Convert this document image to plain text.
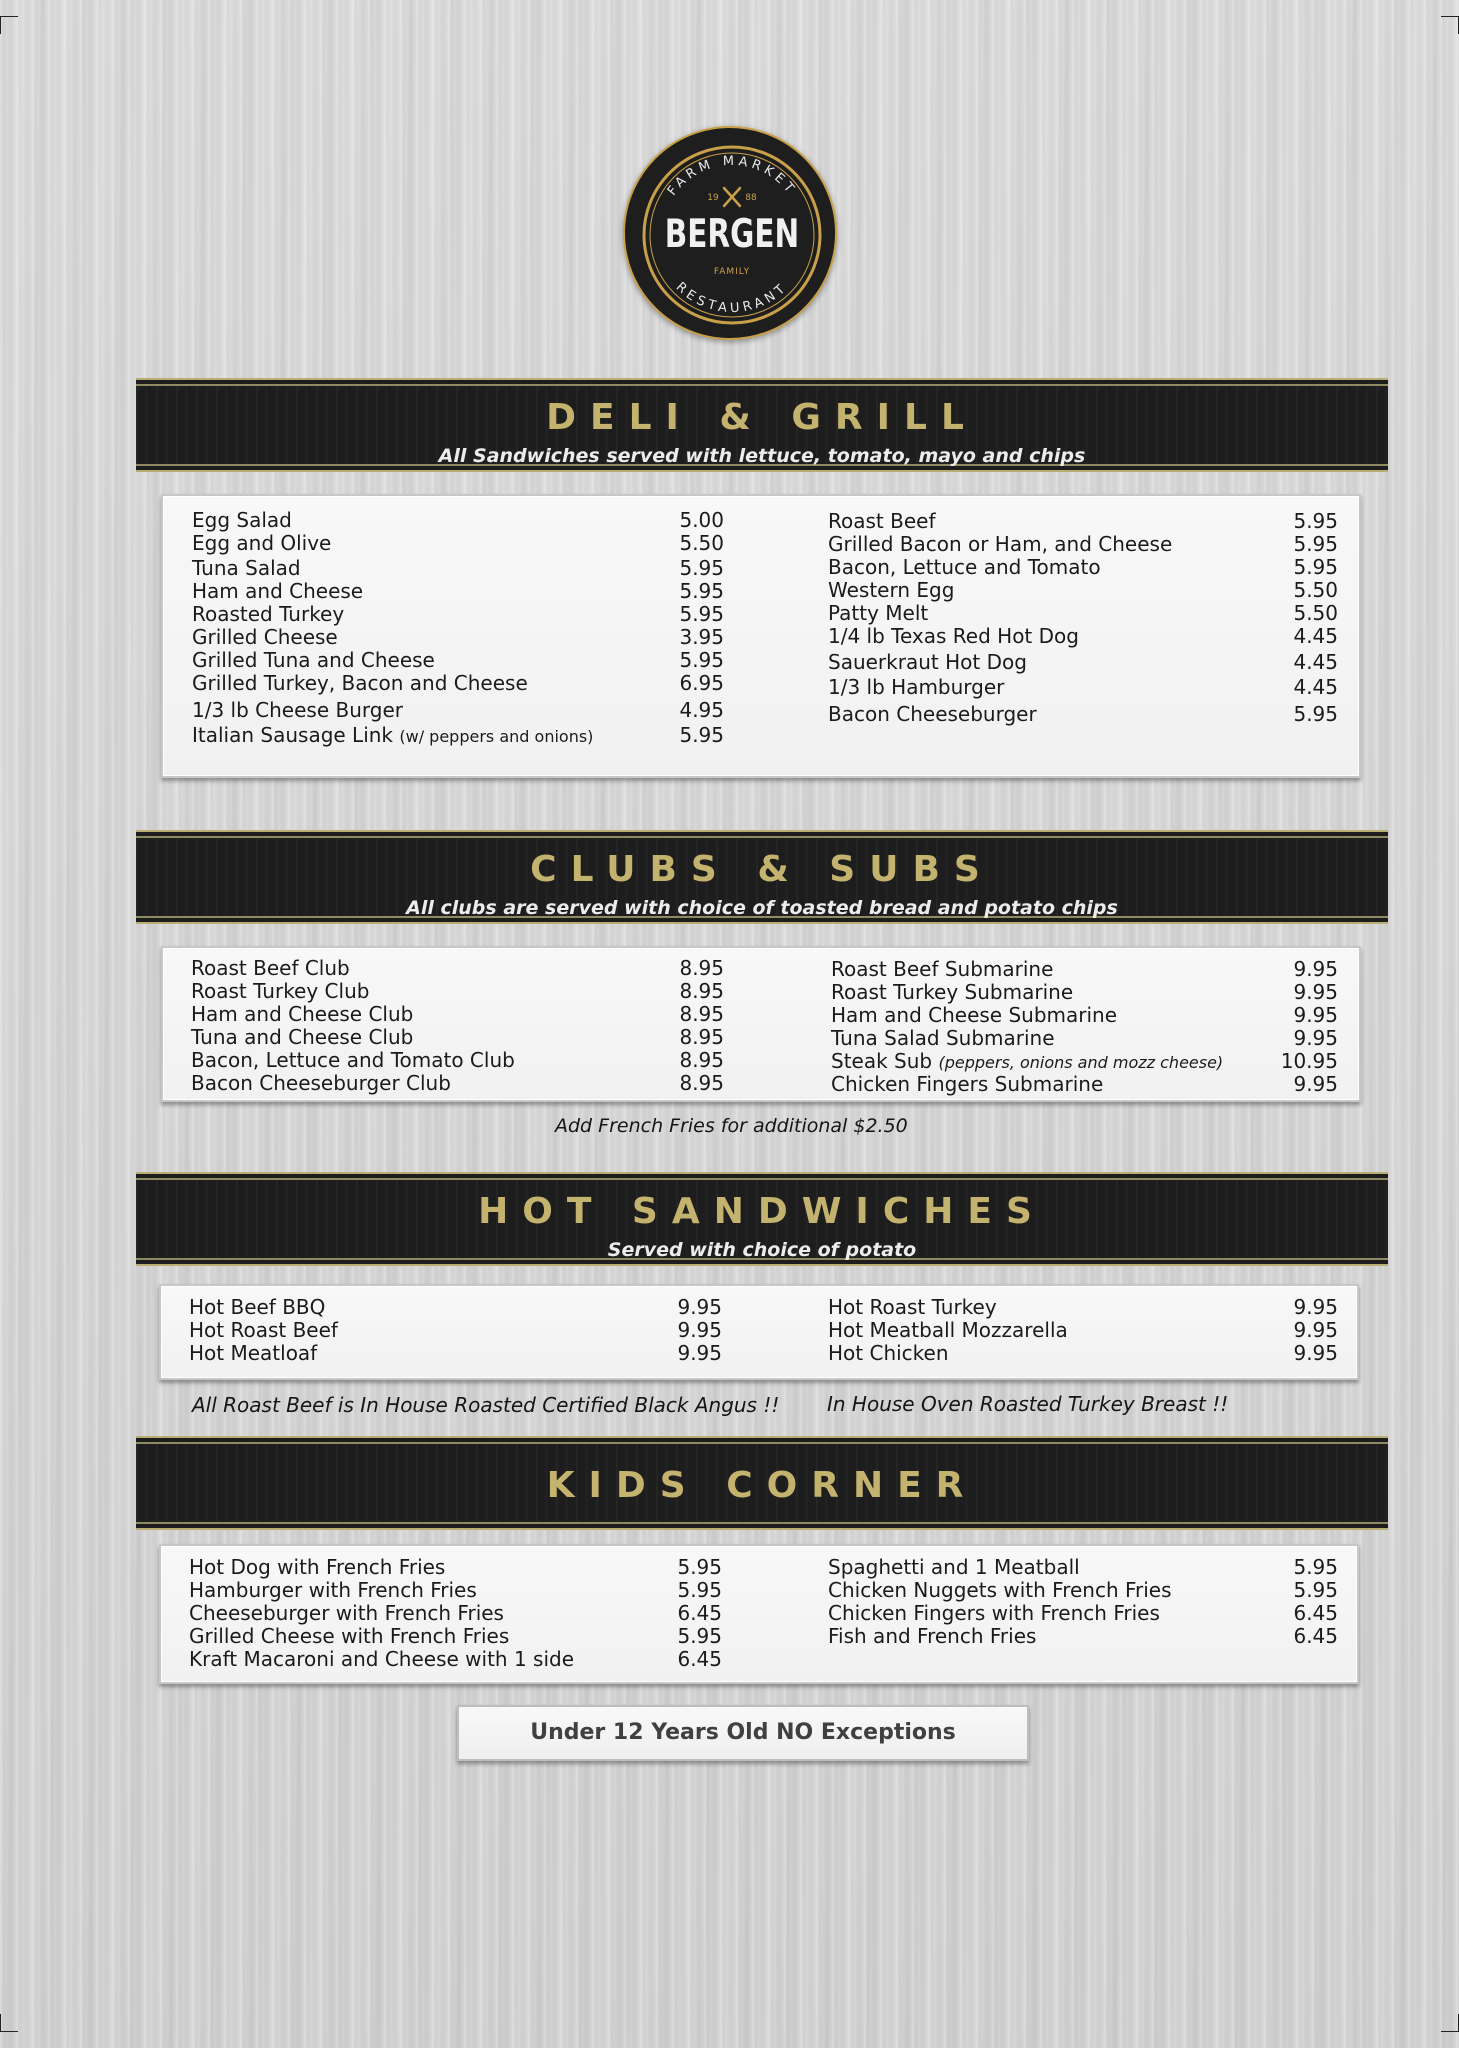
FARM MARKET
RESTAURANT
19	88
BERGEN
FAMILY
DELI & GRILL
All Sandwiches served with lettuce, tomato, mayo and chips
Egg Salad	5.00
Egg and Olive	5.50
Tuna Salad	5.95
Ham and Cheese	5.95
Roasted Turkey	5.95
Grilled Cheese	3.95
Grilled Tuna and Cheese	5.95
Grilled Turkey, Bacon and Cheese	6.95
1/3 lb Cheese Burger	4.95
Italian Sausage Link (w/ peppers and onions)	5.95
Roast Beef	5.95
Grilled Bacon or Ham, and Cheese	5.95
Bacon, Lettuce and Tomato	5.95
Western Egg	5.50
Patty Melt	5.50
1/4 lb Texas Red Hot Dog	4.45
Sauerkraut Hot Dog	4.45
1/3 lb Hamburger	4.45
Bacon Cheeseburger	5.95
CLUBS & SUBS
All clubs are served with choice of toasted bread and potato chips
Roast Beef Club	8.95
Roast Turkey Club	8.95
Ham and Cheese Club	8.95
Tuna and Cheese Club	8.95
Bacon, Lettuce and Tomato Club	8.95
Bacon Cheeseburger Club	8.95
Roast Beef Submarine	9.95
Roast Turkey Submarine	9.95
Ham and Cheese Submarine	9.95
Tuna Salad Submarine	9.95
Steak Sub (peppers, onions and mozz cheese)	10.95
Chicken Fingers Submarine	9.95
Add French Fries for additional $2.50
HOT SANDWICHES
Served with choice of potato
Hot Beef BBQ	9.95
Hot Roast Beef	9.95
Hot Meatloaf	9.95
Hot Roast Turkey	9.95
Hot Meatball Mozzarella	9.95
Hot Chicken	9.95
All Roast Beef is In House Roasted Certified Black Angus !! In House Oven Roasted Turkey Breast !!
KIDS CORNER
Hot Dog with French Fries	5.95
Hamburger with French Fries	5.95
Cheeseburger with French Fries	6.45
Grilled Cheese with French Fries	5.95
Kraft Macaroni and Cheese with 1 side	6.45
Spaghetti and 1 Meatball	5.95
Chicken Nuggets with French Fries	5.95
Chicken Fingers with French Fries	6.45
Fish and French Fries	6.45
Under 12 Years Old NO Exceptions
